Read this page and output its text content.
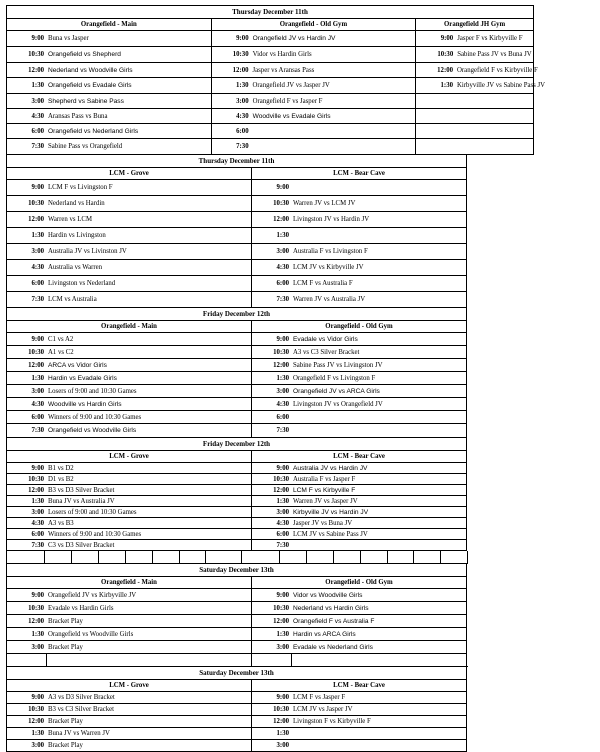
Thursday December 11th
Orangefield - Main	Orangefield - Old Gym	Orangefield JH Gym
9:00 Buna vs Jasper	9:00 Orangefield JV vs Hardin JV	9:00 Jasper F vs Kirbyville F
10:30 Orangefield vs Shepherd	10:30 Vidor vs Hardin Girls	10:30 Sabine Pass JV vs Buna JV
12:00 Nederland vs Woodville Girls	12:00 Jasper vs Aransas Pass	12:00 Orangefield F vs Kirbyville F
1:30 Orangefield vs Evadale Girls	1:30 Orangefield JV vs Jasper JV	1:30 Kirbyville JV vs Sabine Pass JV
3:00 Shepherd vs Sabine Pass	3:00 Orangefield F vs Jasper F
4:30 Aransas Pass vs Buna	4:30 Woodville vs Evadale Girls
6:00 Orangefield vs Nederland Girls	6:00
7:30 Sabine Pass vs Orangefield	7:30
Thursday December 11th
LCM - Grove	LCM - Bear Cave
9:00 LCM F vs Livingston F	9:00
10:30 Nederland vs Hardin	10:30 Warren JV vs LCM JV
12:00 Warren vs LCM	12:00 Livingston JV vs Hardin JV
1:30 Hardin vs Livingston	1:30
3:00 Australia JV vs Livinston JV	3:00 Australia F vs Livingston F
4:30 Australia vs Warren	4:30 LCM JV vs Kirbyville JV
6:00 Livingston vs Nederland	6:00 LCM F vs Australia F
7:30 LCM vs Australia	7:30 Warren JV vs Australia JV
Friday December 12th
Orangefield - Main	Orangefield - Old Gym
9:00 C1 vs A2	9:00 Evadale vs Vidor Girls
10:30 A1 vs C2	10:30 A3 vs C3 Silver Bracket
12:00 ARCA vs Vidor Girls	12:00 Sabine Pass JV vs Livingston JV
1:30 Hardin vs Evadale Girls	1:30 Orangefield F vs Livingston F
3:00 Losers of 9:00 and 10:30 Games	3:00 Orangefield JV vs ARCA Girls
4:30 Woodville vs Hardin Girls	4:30 Livingston JV vs Orangefield JV
6:00 Winners of 9:00 and 10:30 Games	6:00
7:30 Orangefield vs Woodville Girls	7:30
Friday December 12th
LCM - Grove	LCM - Bear Cave
9:00 B1 vs D2	9:00 Australia JV vs Hardin JV
10:30 D1 vs B2	10:30 Australia F vs Jasper F
12:00 B3 vs D3 Silver Bracket	12:00 LCM F vs Kirbyville F
1:30 Buna JV vs Australia JV	1:30 Warren JV vs Jasper JV
3:00 Losers of 9:00 and 10:30 Games	3:00 Kirbyville JV vs Hardin JV
4:30 A3 vs B3	4:30 Jasper JV vs Buna JV
6:00 Winners of 9:00 and 10:30 Games	6:00 LCM JV vs Sabine Pass JV
7:30 C3 vs D3 Silver Bracket	7:30
Saturday December 13th
Orangefield - Main	Orangefield - Old Gym
9:00 Orangefield JV vs Kirbyville JV	9:00 Vidor vs Woodville Girls
10:30 Evadale vs Hardin Girls	10:30 Nederland vs Hardin Girls
12:00 Bracket Play	12:00 Orangefield F vs Australia F
1:30 Orangefield vs Woodville Girls	1:30 Hardin vs ARCA Girls
3:00 Bracket Play	3:00 Evadale vs Nederland Girls
Saturday December 13th
LCM - Grove	LCM - Bear Cave
9:00 A3 vs D3 Silver Bracket	9:00 LCM F vs Jasper F
10:30 B3 vs C3 Silver Bracket	10:30 LCM JV vs Jasper JV
12:00 Bracket Play	12:00 Livingston F vs Kirbyville F
1:30 Buna JV vs Warren JV	1:30
3:00 Bracket Play	3:00
